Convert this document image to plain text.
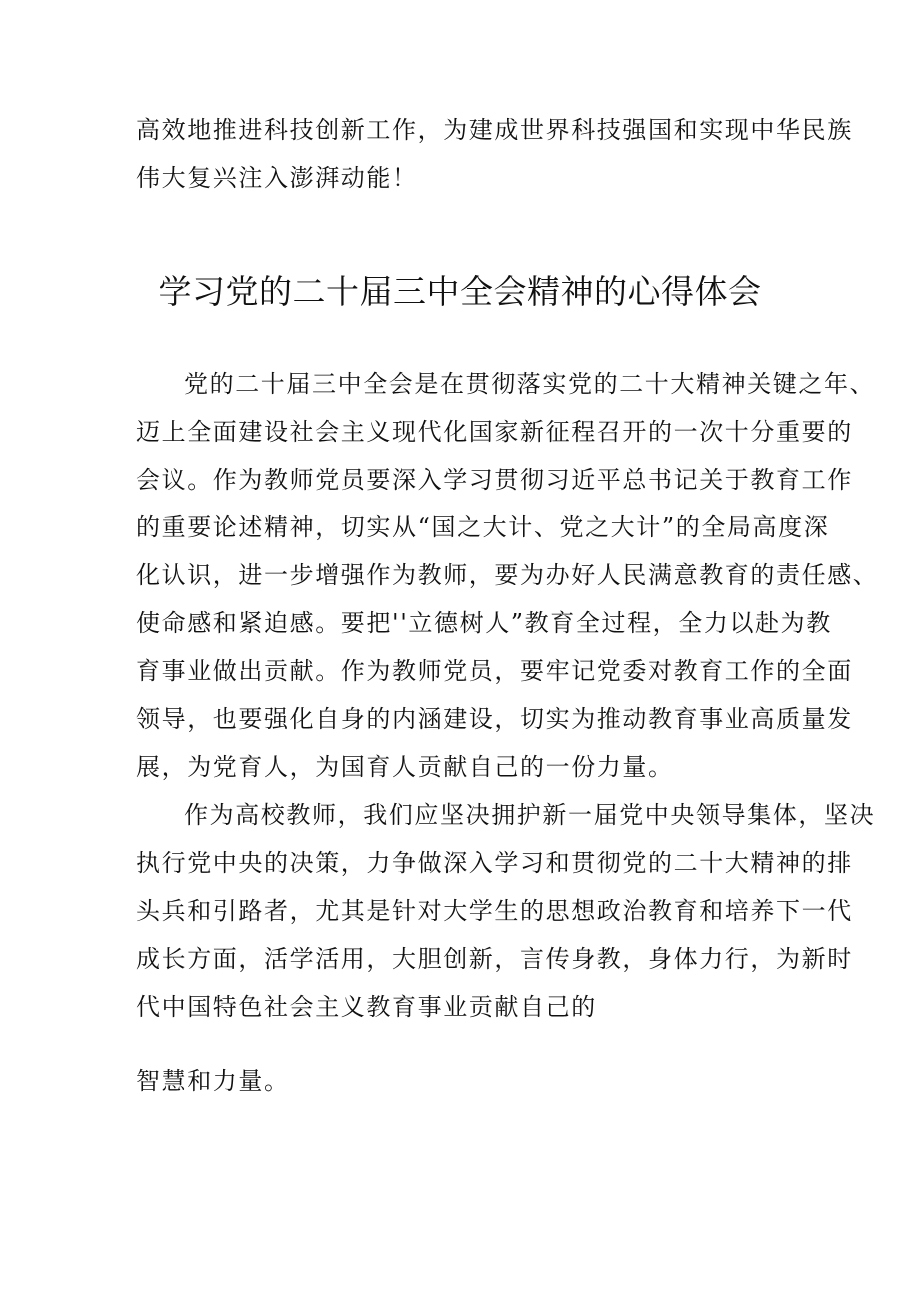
高效地推进科技创新工作，为建成世界科技强国和实现中华民族
伟大复兴注入澎湃动能！
学习党的二十届三中全会精神的心得体会
党的二十届三中全会是在贯彻落实党的二十大精神关键之年、
迈上全面建设社会主义现代化国家新征程召开的一次十分重要的
会议。作为教师党员要深入学习贯彻习近平总书记关于教育工作
的重要论述精神，切实从“国之大计、党之大计”的全局高度深
化认识，进一步增强作为教师，要为办好人民满意教育的责任感、
使命感和紧迫感。要把''立德树人”教育全过程，全力以赴为教
育事业做出贡献。作为教师党员，要牢记党委对教育工作的全面
领导，也要强化自身的内涵建设，切实为推动教育事业高质量发
展，为党育人，为国育人贡献自己的一份力量。
作为高校教师，我们应坚决拥护新一届党中央领导集体，坚决
执行党中央的决策，力争做深入学习和贯彻党的二十大精神的排
头兵和引路者，尤其是针对大学生的思想政治教育和培养下一代
成长方面，活学活用，大胆创新，言传身教，身体力行，为新时
代中国特色社会主义教育事业贡献自己的
智慧和力量。
